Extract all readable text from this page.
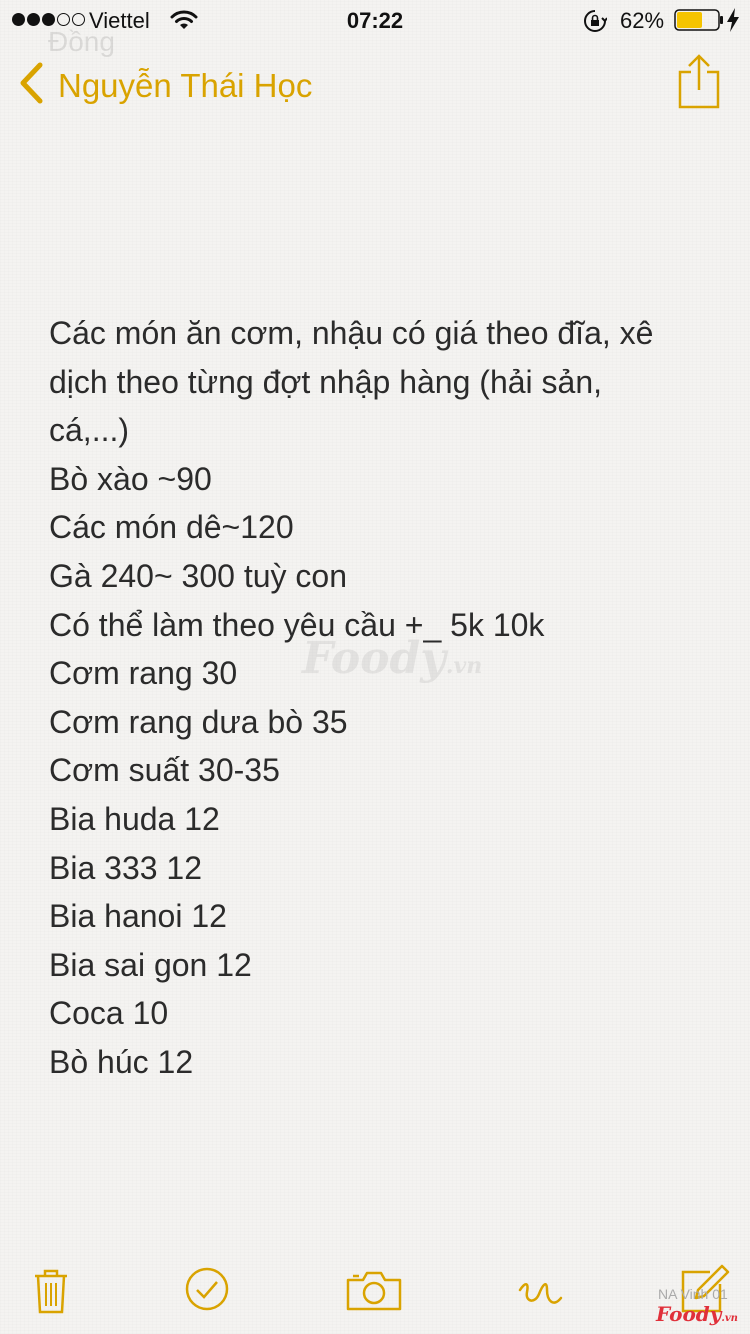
Đồng
Viettel	07:22	62%
Nguyễn Thái Học
Foody.vn
Các món ăn cơm, nhậu có giá theo đĩa, xê
dịch theo từng đợt nhập hàng (hải sản,
cá,...)
Bò xào ~90
Các món dê~120
Gà 240~ 300 tuỳ con
Có thể làm theo yêu cầu +_ 5k 10k
Cơm rang 30
Cơm rang dưa bò 35
Cơm suất 30-35
Bia huda 12
Bia 333 12
Bia hanoi 12
Bia sai gon 12
Coca 10
Bò húc 12
NA Vinh 01
Foody.vn
